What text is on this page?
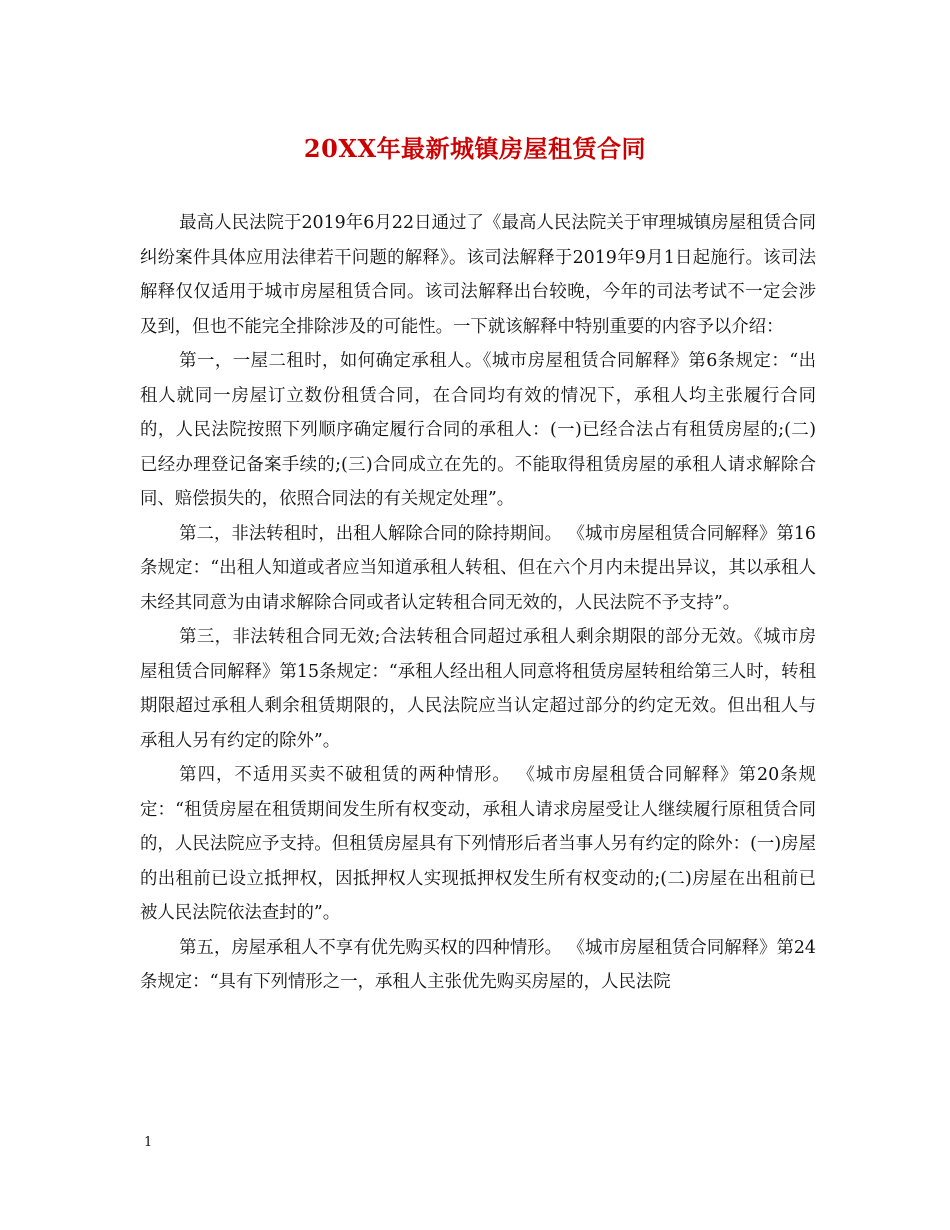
20XX年最新城镇房屋租赁合同

最高人民法院于2019年6月22日通过了《最高人民法院关于审理城镇房屋租赁合同纠纷案件具体应用法律若干问题的解释》。该司法解释于2019年9月1日起施行。该司法解释仅仅适用于城市房屋租赁合同。该司法解释出台较晚，今年的司法考试不一定会涉及到，但也不能完全排除涉及的可能性。一下就该解释中特别重要的内容予以介绍：

第一，一屋二租时，如何确定承租人。《城市房屋租赁合同解释》第6条规定：“出租人就同一房屋订立数份租赁合同，在合同均有效的情况下，承租人均主张履行合同的，人民法院按照下列顺序确定履行合同的承租人：(一)已经合法占有租赁房屋的;(二)已经办理登记备案手续的;(三)合同成立在先的。不能取得租赁房屋的承租人请求解除合同、赔偿损失的，依照合同法的有关规定处理”。

第二，非法转租时，出租人解除合同的除持期间。 《城市房屋租赁合同解释》第16条规定：“出租人知道或者应当知道承租人转租、但在六个月内未提出异议，其以承租人未经其同意为由请求解除合同或者认定转租合同无效的，人民法院不予支持”。

第三，非法转租合同无效;合法转租合同超过承租人剩余期限的部分无效。《城市房屋租赁合同解释》第15条规定：“承租人经出租人同意将租赁房屋转租给第三人时，转租期限超过承租人剩余租赁期限的，人民法院应当认定超过部分的约定无效。但出租人与承租人另有约定的除外”。

第四，不适用买卖不破租赁的两种情形。 《城市房屋租赁合同解释》第20条规定：“租赁房屋在租赁期间发生所有权变动，承租人请求房屋受让人继续履行原租赁合同的，人民法院应予支持。但租赁房屋具有下列情形后者当事人另有约定的除外：(一)房屋的出租前已设立抵押权，因抵押权人实现抵押权发生所有权变动的;(二)房屋在出租前已被人民法院依法查封的”。

第五，房屋承租人不享有优先购买权的四种情形。 《城市房屋租赁合同解释》第24条规定：“具有下列情形之一，承租人主张优先购买房屋的，人民法院

1
